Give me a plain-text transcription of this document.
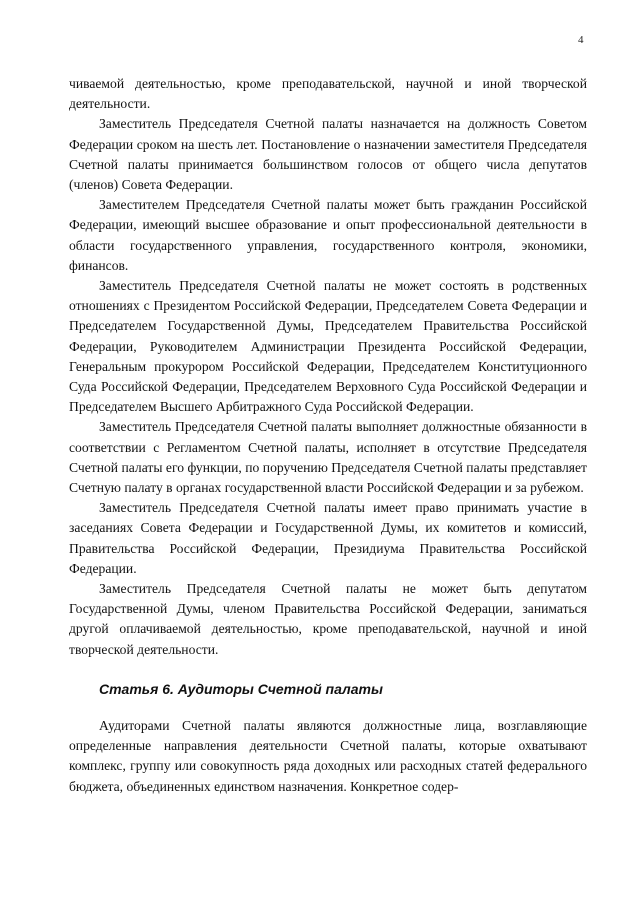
4

чиваемой деятельностью, кроме преподавательской, научной и иной творческой деятельности.

Заместитель Председателя Счетной палаты назначается на должность Советом Федерации сроком на шесть лет. Постановление о назначении заместителя Председателя Счетной палаты принимается большинством голосов от общего числа депутатов (членов) Совета Федерации.

Заместителем Председателя Счетной палаты может быть гражданин Российской Федерации, имеющий высшее образование и опыт профессиональной деятельности в области государственного управления, государственного контроля, экономики, финансов.

Заместитель Председателя Счетной палаты не может состоять в родственных отношениях с Президентом Российской Федерации, Председателем Совета Федерации и Председателем Государственной Думы, Председателем Правительства Российской Федерации, Руководителем Администрации Президента Российской Федерации, Генеральным прокурором Российской Федерации, Председателем Конституционного Суда Российской Федерации, Председателем Верховного Суда Российской Федерации и Председателем Высшего Арбитражного Суда Российской Федерации.

Заместитель Председателя Счетной палаты выполняет должностные обязанности в соответствии с Регламентом Счетной палаты, исполняет в отсутствие Председателя Счетной палаты его функции, по поручению Председателя Счетной палаты представляет Счетную палату в органах государственной власти Российской Федерации и за рубежом.

Заместитель Председателя Счетной палаты имеет право принимать участие в заседаниях Совета Федерации и Государственной Думы, их комитетов и комиссий, Правительства Российской Федерации, Президиума Правительства Российской Федерации.

Заместитель Председателя Счетной палаты не может быть депутатом Государственной Думы, членом Правительства Российской Федерации, заниматься другой оплачиваемой деятельностью, кроме преподавательской, научной и иной творческой деятельности.

Статья 6. Аудиторы Счетной палаты

Аудиторами Счетной палаты являются должностные лица, возглавляющие определенные направления деятельности Счетной палаты, которые охватывают комплекс, группу или совокупность ряда доходных или расходных статей федерального бюджета, объединенных единством назначения. Конкретное содер-
